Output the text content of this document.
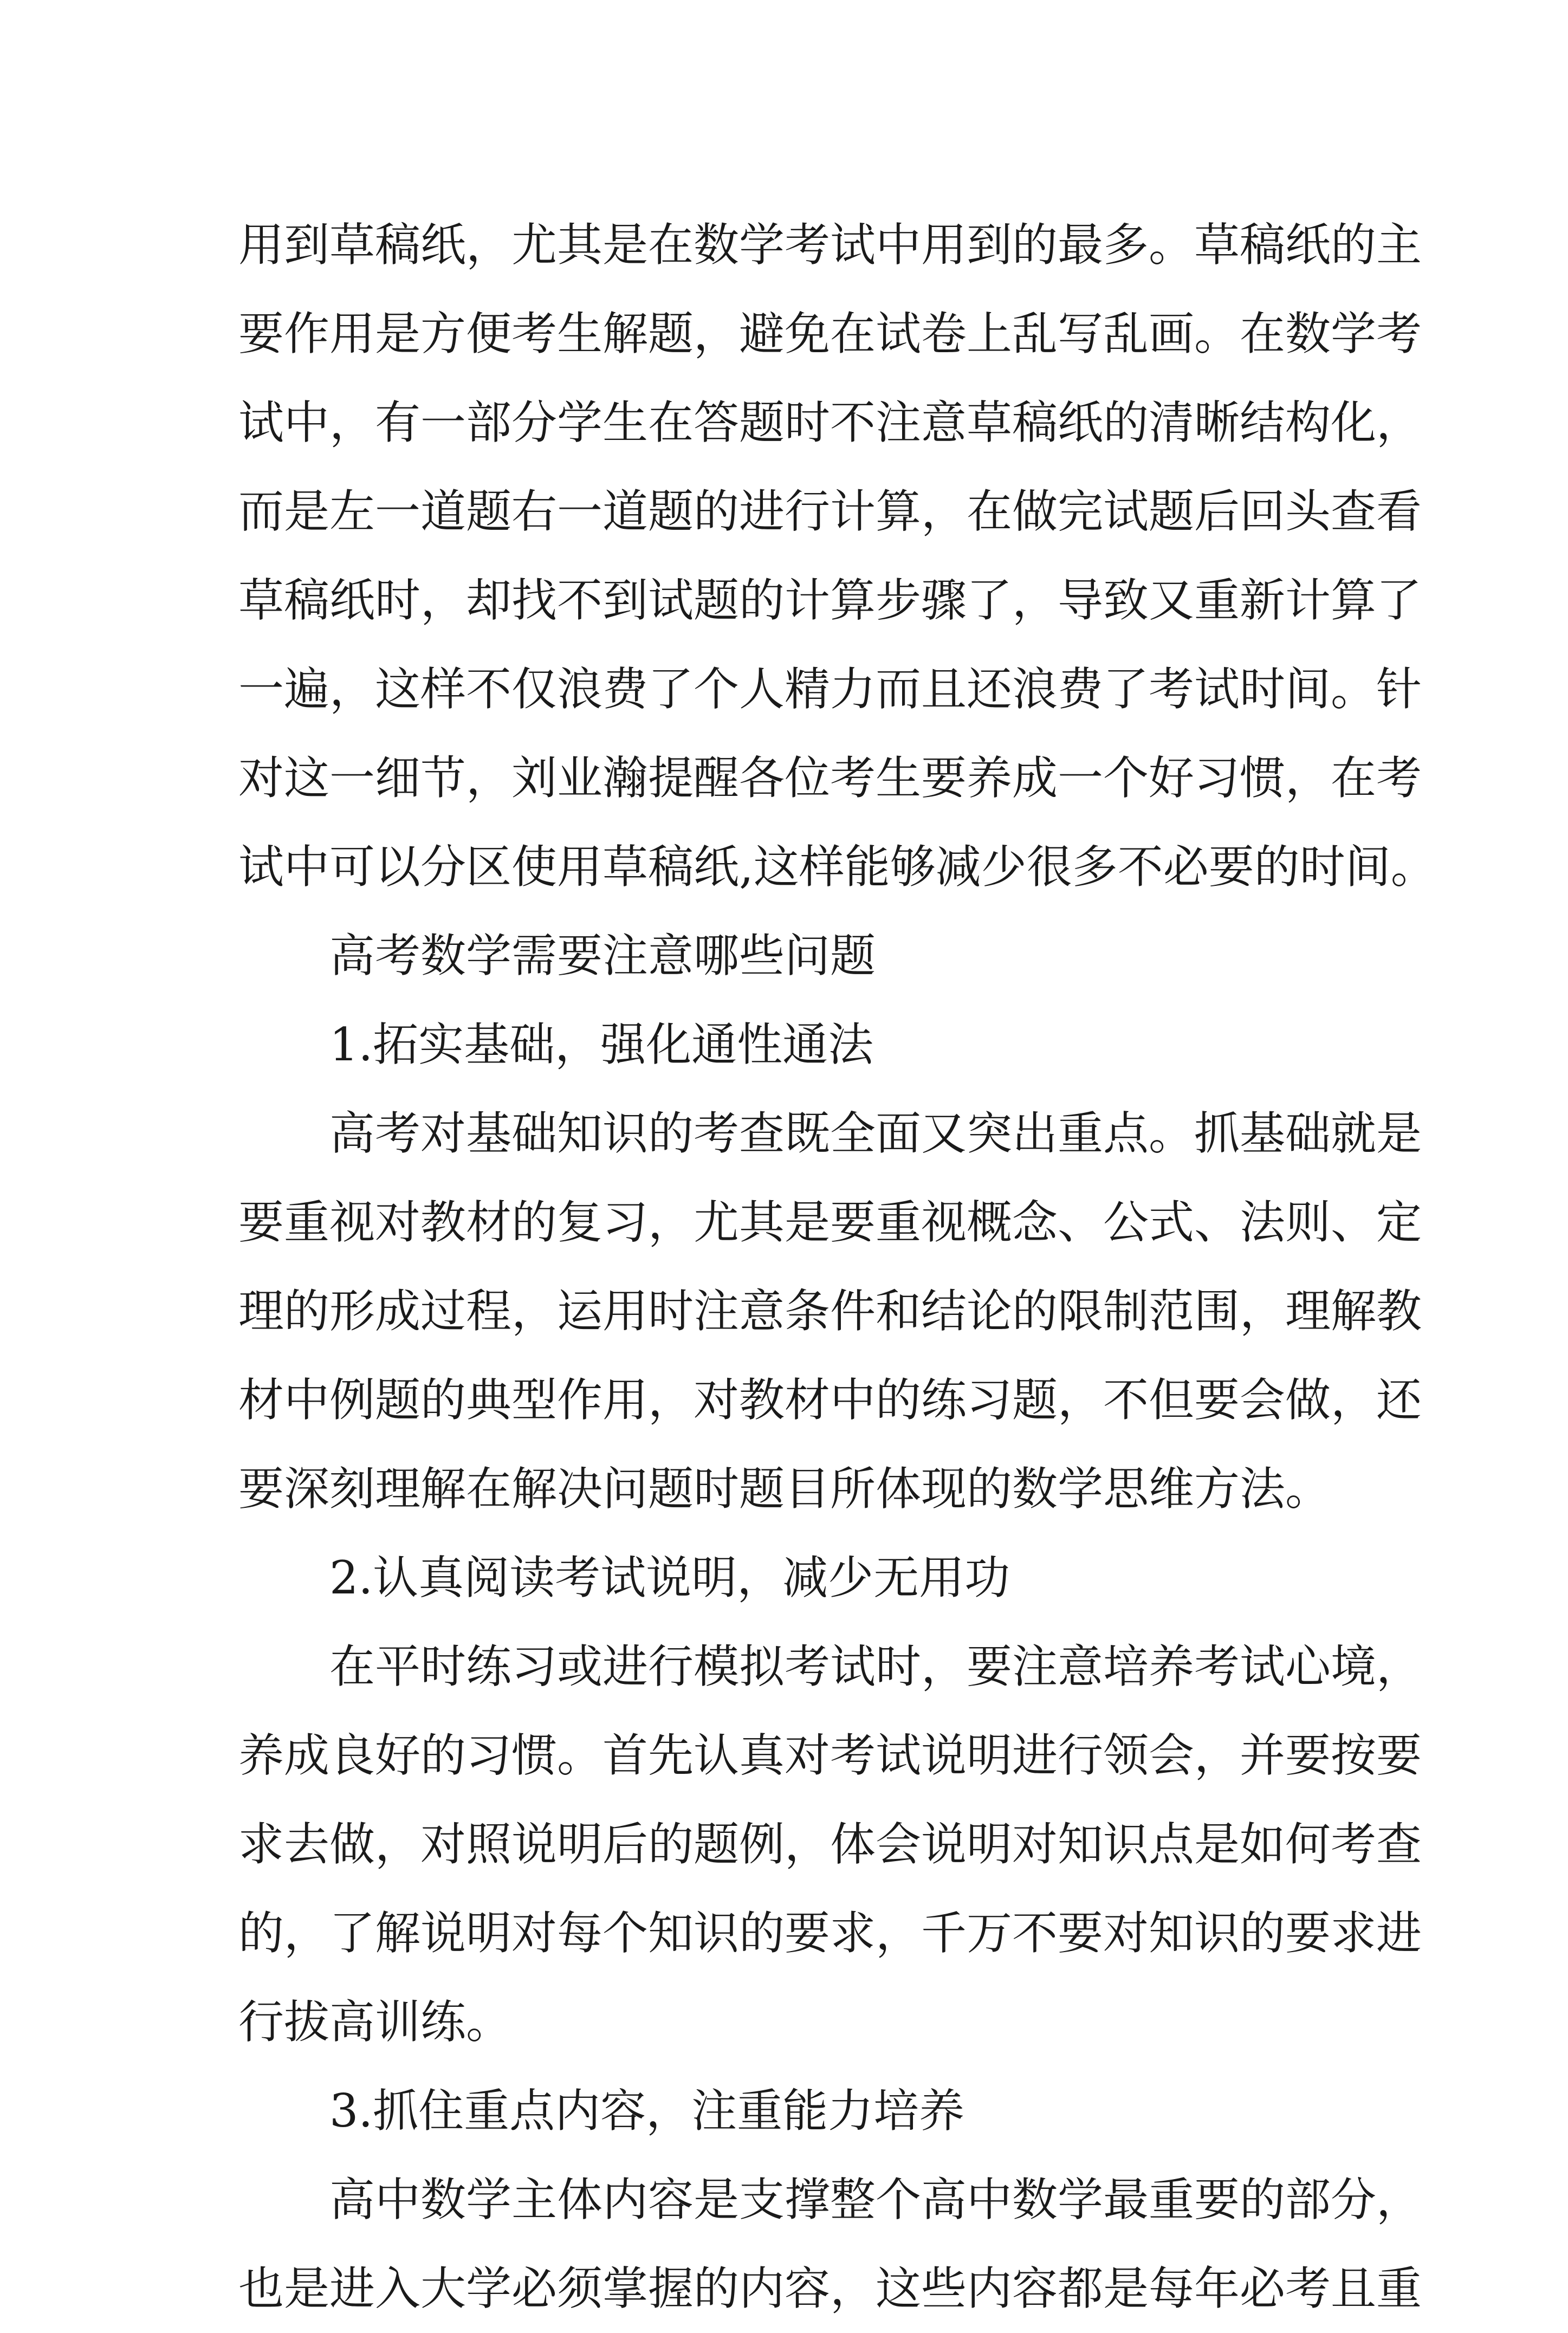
用到草稿纸，尤其是在数学考试中用到的最多。草稿纸的主
要作用是方便考生解题，避免在试卷上乱写乱画。在数学考
试中，有一部分学生在答题时不注意草稿纸的清晰结构化，
而是左一道题右一道题的进行计算，在做完试题后回头查看
草稿纸时，却找不到试题的计算步骤了，导致又重新计算了
一遍，这样不仅浪费了个人精力而且还浪费了考试时间。针
对这一细节，刘业瀚提醒各位考生要养成一个好习惯，在考
试中可以分区使用草稿纸,这样能够减少很多不必要的时间。
高考数学需要注意哪些问题
1.拓实基础，强化通性通法
高考对基础知识的考查既全面又突出重点。抓基础就是
要重视对教材的复习，尤其是要重视概念、公式、法则、定
理的形成过程，运用时注意条件和结论的限制范围，理解教
材中例题的典型作用，对教材中的练习题，不但要会做，还
要深刻理解在解决问题时题目所体现的数学思维方法。
2.认真阅读考试说明，减少无用功
在平时练习或进行模拟考试时，要注意培养考试心境，
养成良好的习惯。首先认真对考试说明进行领会，并要按要
求去做，对照说明后的题例，体会说明对知识点是如何考查
的，了解说明对每个知识的要求，千万不要对知识的要求进
行拔高训练。
3.抓住重点内容，注重能力培养
高中数学主体内容是支撑整个高中数学最重要的部分，
也是进入大学必须掌握的内容，这些内容都是每年必考且重
